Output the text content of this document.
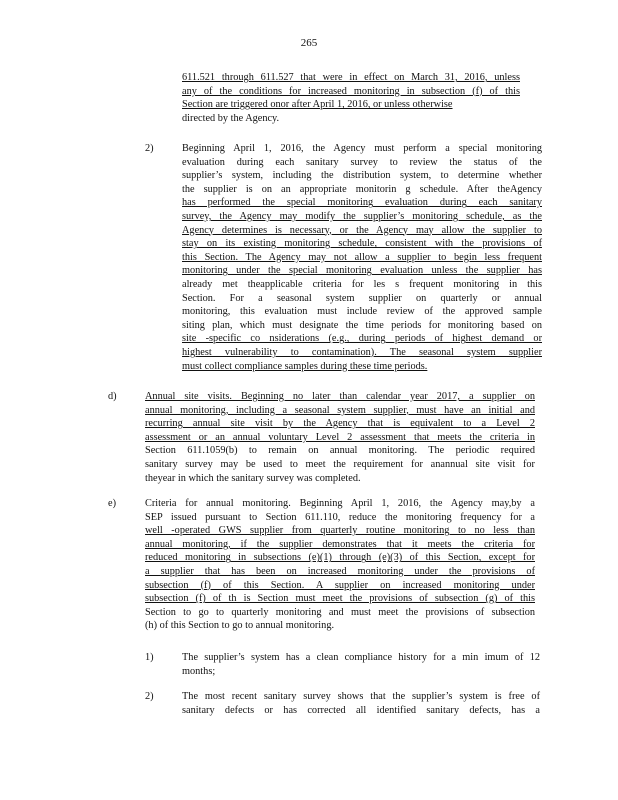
265
611.521 through 611.527 that were in effect on March 31, 2016, unless
any of the conditions for increased monitoring in subsection (f) of this
Section are triggered onor after April 1, 2016, or unless otherwise
directed by the Agency.
2)	Beginning April 1, 2016, the Agency must perform a special monitoring
evaluation during each sanitary survey to review the status of the
supplier’s system, including the distribution system, to determine whether
the supplier is on an appropriate monitorin g schedule. After theAgency
has performed the special monitoring evaluation during each sanitary
survey, the Agency may modify the supplier’s monitoring schedule, as the
Agency determines is necessary, or the Agency may allow the supplier to
stay on its existing monitoring schedule, consistent with the provisions of
this Section. The Agency may not allow a supplier to begin less frequent
monitoring under the special monitoring evaluation unless the supplier has
already met theapplicable criteria for les s frequent monitoring in this
Section. For a seasonal system supplier on quarterly or annual
monitoring, this evaluation must include review of the approved sample
siting plan, which must designate the time periods for monitoring based on
site -specific co nsiderations (e.g., during periods of highest demand or
highest vulnerability to contamination). The seasonal system supplier
must collect compliance samples during these time periods.
d)	Annual site visits. Beginning no later than calendar year 2017, a supplier on
annual monitoring, including a seasonal system supplier, must have an initial and
recurring annual site visit by the Agency that is equivalent to a Level 2
assessment or an annual voluntary Level 2 assessment that meets the criteria in
Section 611.1059(b) to remain on annual monitoring. The periodic required
sanitary survey may be used to meet the requirement for anannual site visit for
theyear in which the sanitary survey was completed.
e)	Criteria for annual monitoring. Beginning April 1, 2016, the Agency may,by a
SEP issued pursuant to Section 611.110, reduce the monitoring frequency for a
well -operated GWS supplier from quarterly routine monitoring to no less than
annual monitoring, if the supplier demonstrates that it meets the criteria for
reduced monitoring in subsections (e)(1) through (e)(3) of this Section, except for
a supplier that has been on increased monitoring under the provisions of
subsection (f) of this Section. A supplier on increased monitoring under
subsection (f) of th is Section must meet the provisions of subsection (g) of this
Section to go to quarterly monitoring and must meet the provisions of subsection
(h) of this Section to go to annual monitoring.
1)	The supplier’s system has a clean compliance history for a min imum of 12
months;
2)	The most recent sanitary survey shows that the supplier’s system is free of
sanitary defects or has corrected all identified sanitary defects, has a
